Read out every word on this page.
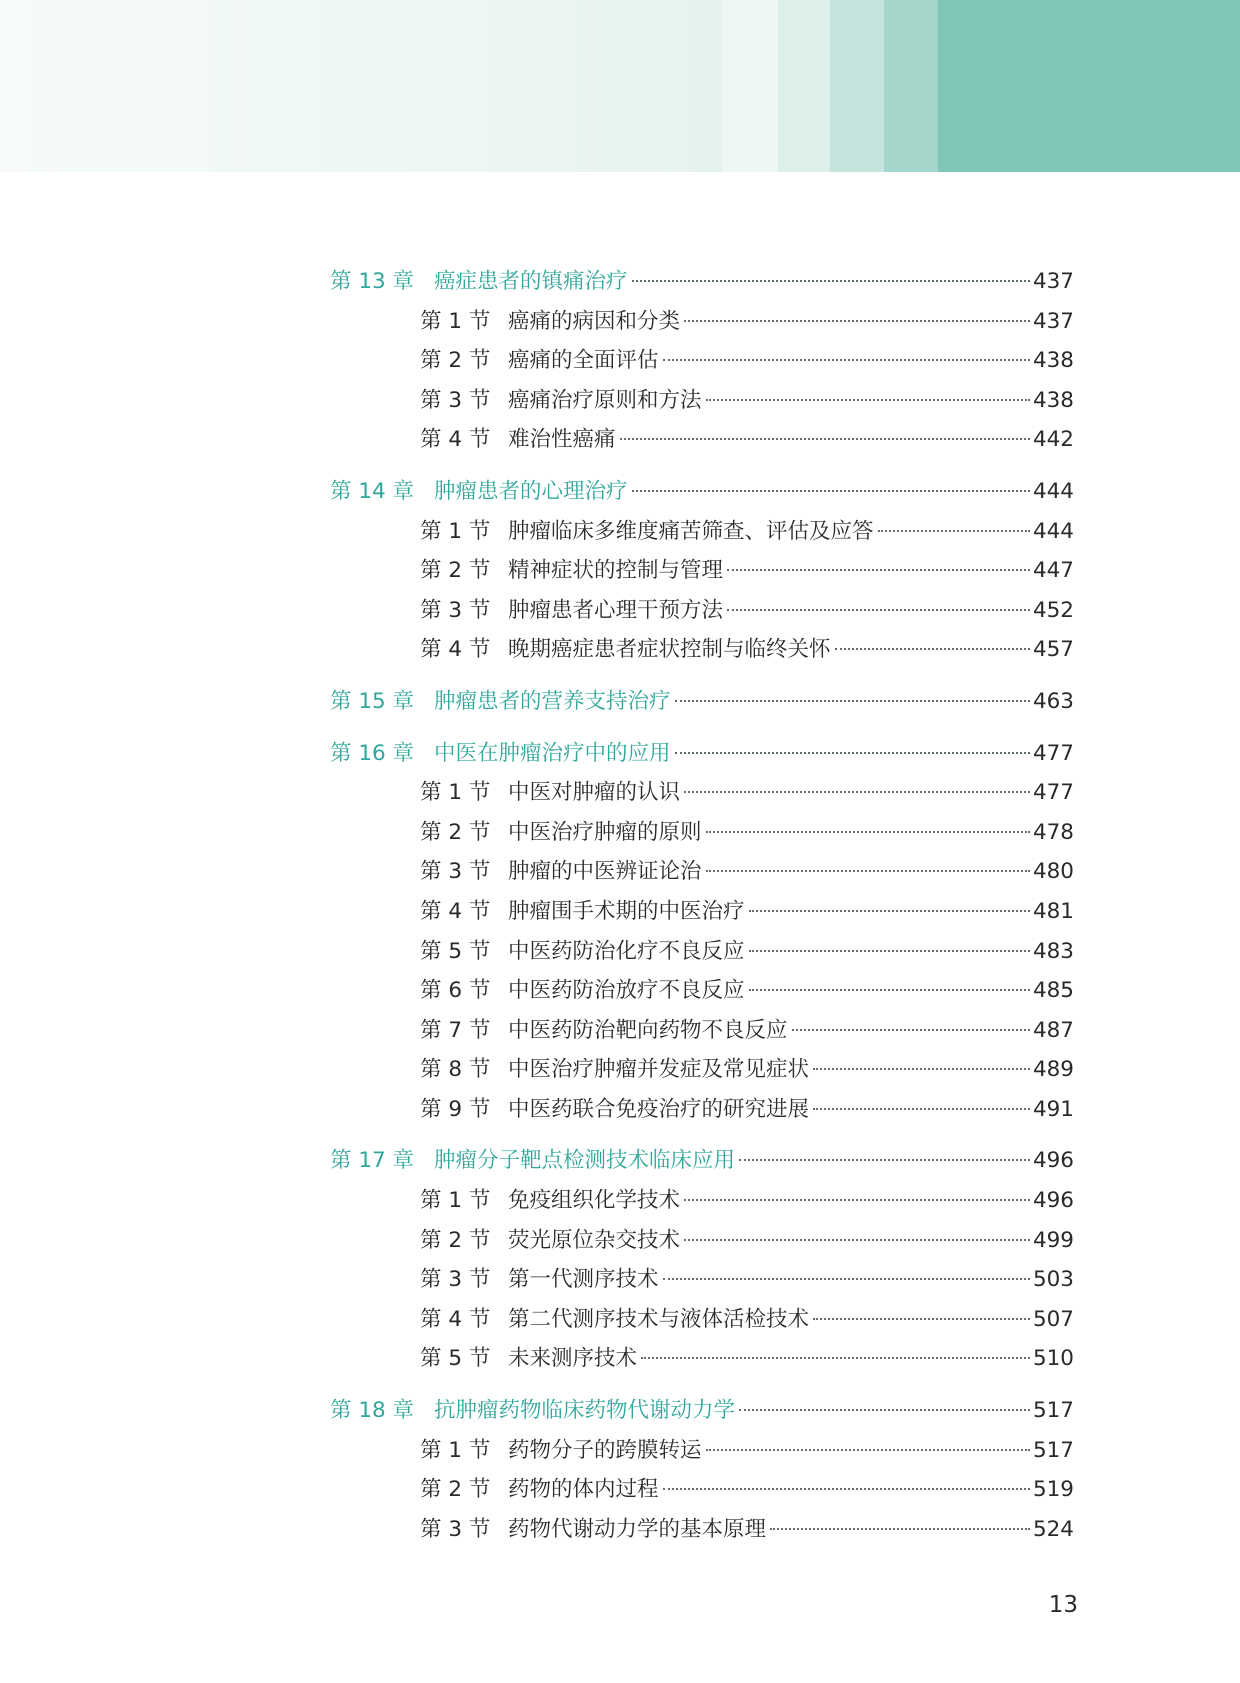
第 13 章 癌症患者的镇痛治疗	437
第 1 节 癌痛的病因和分类	437
第 2 节 癌痛的全面评估	438
第 3 节 癌痛治疗原则和方法	438
第 4 节 难治性癌痛	442
第 14 章 肿瘤患者的心理治疗	444
第 1 节 肿瘤临床多维度痛苦筛查、评估及应答	444
第 2 节 精神症状的控制与管理	447
第 3 节 肿瘤患者心理干预方法	452
第 4 节 晚期癌症患者症状控制与临终关怀	457
第 15 章 肿瘤患者的营养支持治疗	463
第 16 章 中医在肿瘤治疗中的应用	477
第 1 节 中医对肿瘤的认识	477
第 2 节 中医治疗肿瘤的原则	478
第 3 节 肿瘤的中医辨证论治	480
第 4 节 肿瘤围手术期的中医治疗	481
第 5 节 中医药防治化疗不良反应	483
第 6 节 中医药防治放疗不良反应	485
第 7 节 中医药防治靶向药物不良反应	487
第 8 节 中医治疗肿瘤并发症及常见症状	489
第 9 节 中医药联合免疫治疗的研究进展	491
第 17 章 肿瘤分子靶点检测技术临床应用	496
第 1 节 免疫组织化学技术	496
第 2 节 荧光原位杂交技术	499
第 3 节 第一代测序技术	503
第 4 节 第二代测序技术与液体活检技术	507
第 5 节 未来测序技术	510
第 18 章 抗肿瘤药物临床药物代谢动力学	517
第 1 节 药物分子的跨膜转运	517
第 2 节 药物的体内过程	519
第 3 节 药物代谢动力学的基本原理	524
13
